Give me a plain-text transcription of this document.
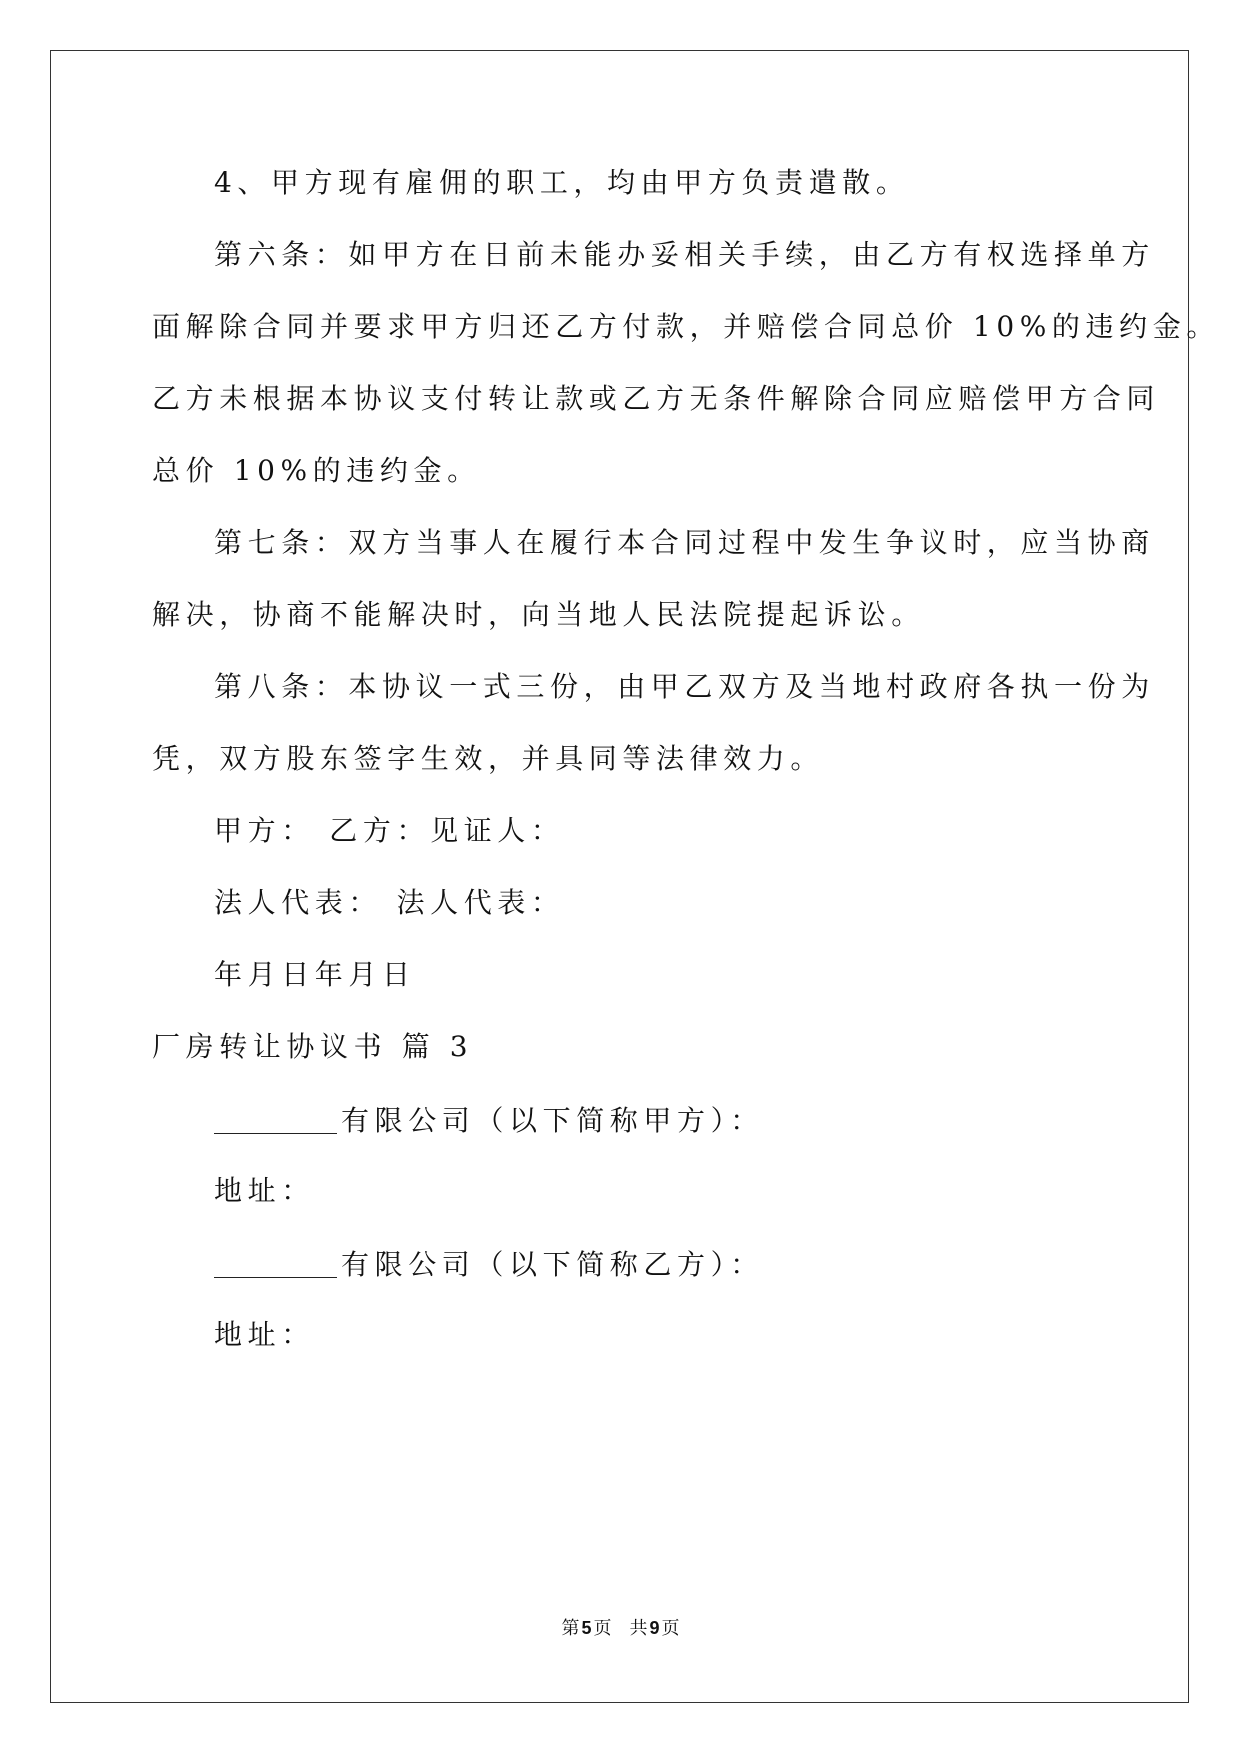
4、甲方现有雇佣的职工，均由甲方负责遣散。
第六条：如甲方在日前未能办妥相关手续，由乙方有权选择单方
面解除合同并要求甲方归还乙方付款，并赔偿合同总价 10%的违约金。
乙方未根据本协议支付转让款或乙方无条件解除合同应赔偿甲方合同
总价 10%的违约金。
第七条：双方当事人在履行本合同过程中发生争议时，应当协商
解决，协商不能解决时，向当地人民法院提起诉讼。
第八条：本协议一式三份，由甲乙双方及当地村政府各执一份为
凭，双方股东签字生效，并具同等法律效力。
甲方： 乙方：见证人：
法人代表： 法人代表：
年月日年月日
厂房转让协议书 篇 3
有限公司（以下简称甲方）：
地址：
有限公司（以下简称乙方）：
地址：
第 5 页 共 9 页
